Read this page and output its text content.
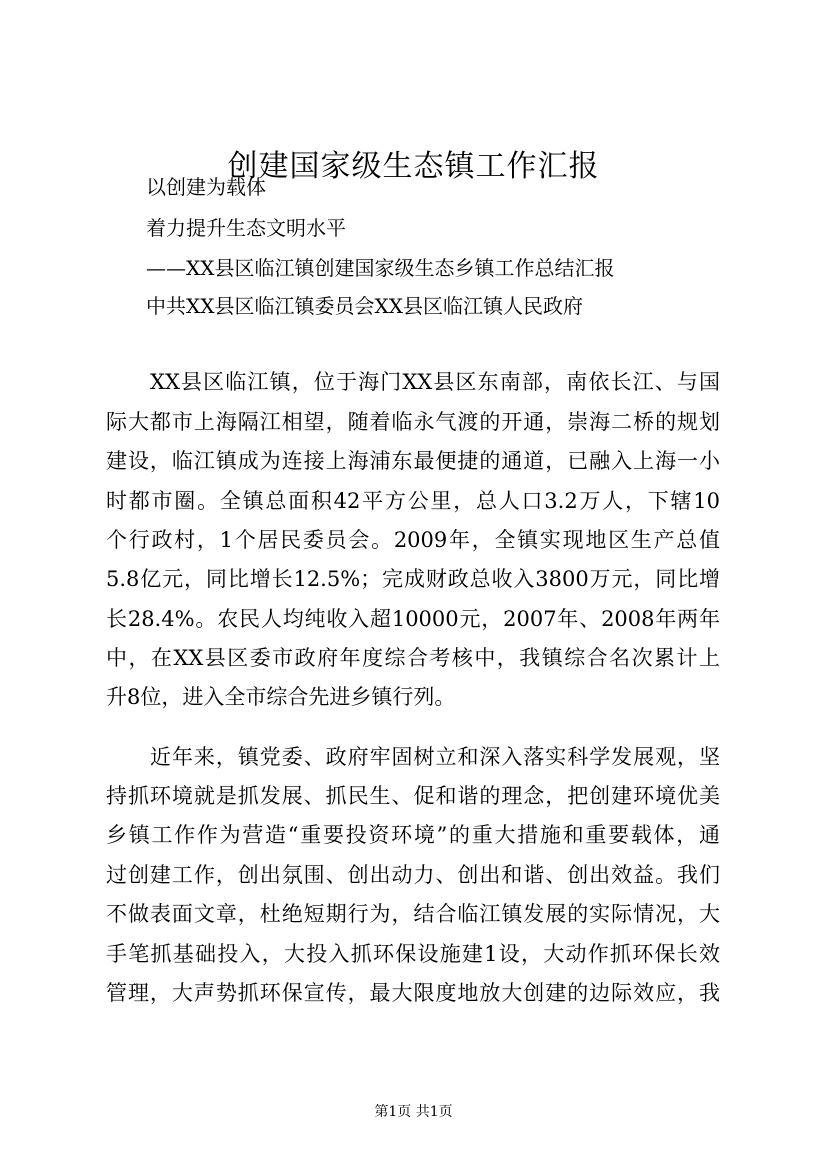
创建国家级生态镇工作汇报
以创建为载体
着力提升生态文明水平
——XX县区临江镇创建国家级生态乡镇工作总结汇报
中共XX县区临江镇委员会XX县区临江镇人民政府
XX县区临江镇，位于海门XX县区东南部，南依长江、与国
际大都市上海隔江相望，随着临永气渡的开通，崇海二桥的规划
建设，临江镇成为连接上海浦东最便捷的通道，已融入上海一小
时都市圈。全镇总面积42平方公里，总人口3.2万人，下辖10
个行政村，1个居民委员会。2009年，全镇实现地区生产总值
5.8亿元，同比增长12.5%；完成财政总收入3800万元，同比增
长28.4%。农民人均纯收入超10000元，2007年、2008年两年
中，在XX县区委市政府年度综合考核中，我镇综合名次累计上
升8位，进入全市综合先进乡镇行列。
近年来，镇党委、政府牢固树立和深入落实科学发展观，坚
持抓环境就是抓发展、抓民生、促和谐的理念，把创建环境优美
乡镇工作作为营造“重要投资环境”的重大措施和重要载体，通
过创建工作，创出氛围、创出动力、创出和谐、创出效益。我们
不做表面文章，杜绝短期行为，结合临江镇发展的实际情况，大
手笔抓基础投入，大投入抓环保设施建1设，大动作抓环保长效
管理，大声势抓环保宣传，最大限度地放大创建的边际效应，我
第1页 共1页
